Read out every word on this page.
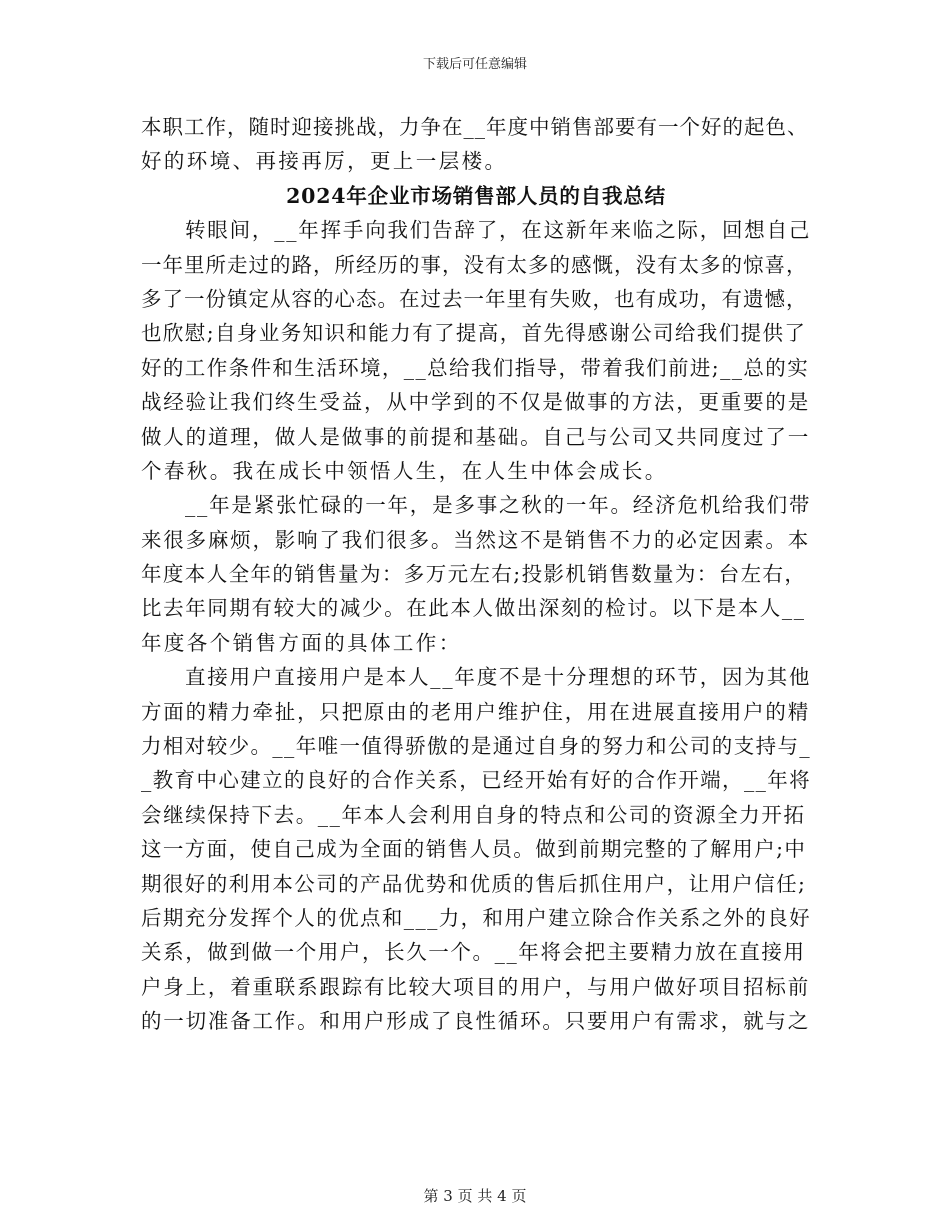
下载后可任意编辑
本职工作，随时迎接挑战，力争在__年度中销售部要有一个好的起色、
好的环境、再接再厉，更上一层楼。
2024年企业市场销售部人员的自我总结
转眼间，__年挥手向我们告辞了，在这新年来临之际，回想自己
一年里所走过的路，所经历的事，没有太多的感慨，没有太多的惊喜，
多了一份镇定从容的心态。在过去一年里有失败，也有成功，有遗憾，
也欣慰;自身业务知识和能力有了提高，首先得感谢公司给我们提供了
好的工作条件和生活环境，__总给我们指导，带着我们前进;__总的实
战经验让我们终生受益，从中学到的不仅是做事的方法，更重要的是
做人的道理，做人是做事的前提和基础。自己与公司又共同度过了一
个春秋。我在成长中领悟人生，在人生中体会成长。
__年是紧张忙碌的一年，是多事之秋的一年。经济危机给我们带
来很多麻烦，影响了我们很多。当然这不是销售不力的必定因素。本
年度本人全年的销售量为：多万元左右;投影机销售数量为：台左右，
比去年同期有较大的减少。在此本人做出深刻的检讨。以下是本人__
年度各个销售方面的具体工作：
直接用户直接用户是本人__年度不是十分理想的环节，因为其他
方面的精力牵扯，只把原由的老用户维护住，用在进展直接用户的精
力相对较少。__年唯一值得骄傲的是通过自身的努力和公司的支持与_
_教育中心建立的良好的合作关系，已经开始有好的合作开端，__年将
会继续保持下去。__年本人会利用自身的特点和公司的资源全力开拓
这一方面，使自己成为全面的销售人员。做到前期完整的了解用户;中
期很好的利用本公司的产品优势和优质的售后抓住用户，让用户信任;
后期充分发挥个人的优点和___力，和用户建立除合作关系之外的良好
关系，做到做一个用户，长久一个。__年将会把主要精力放在直接用
户身上，着重联系跟踪有比较大项目的用户，与用户做好项目招标前
的一切准备工作。和用户形成了良性循环。只要用户有需求，就与之
第 3 页 共 4 页
